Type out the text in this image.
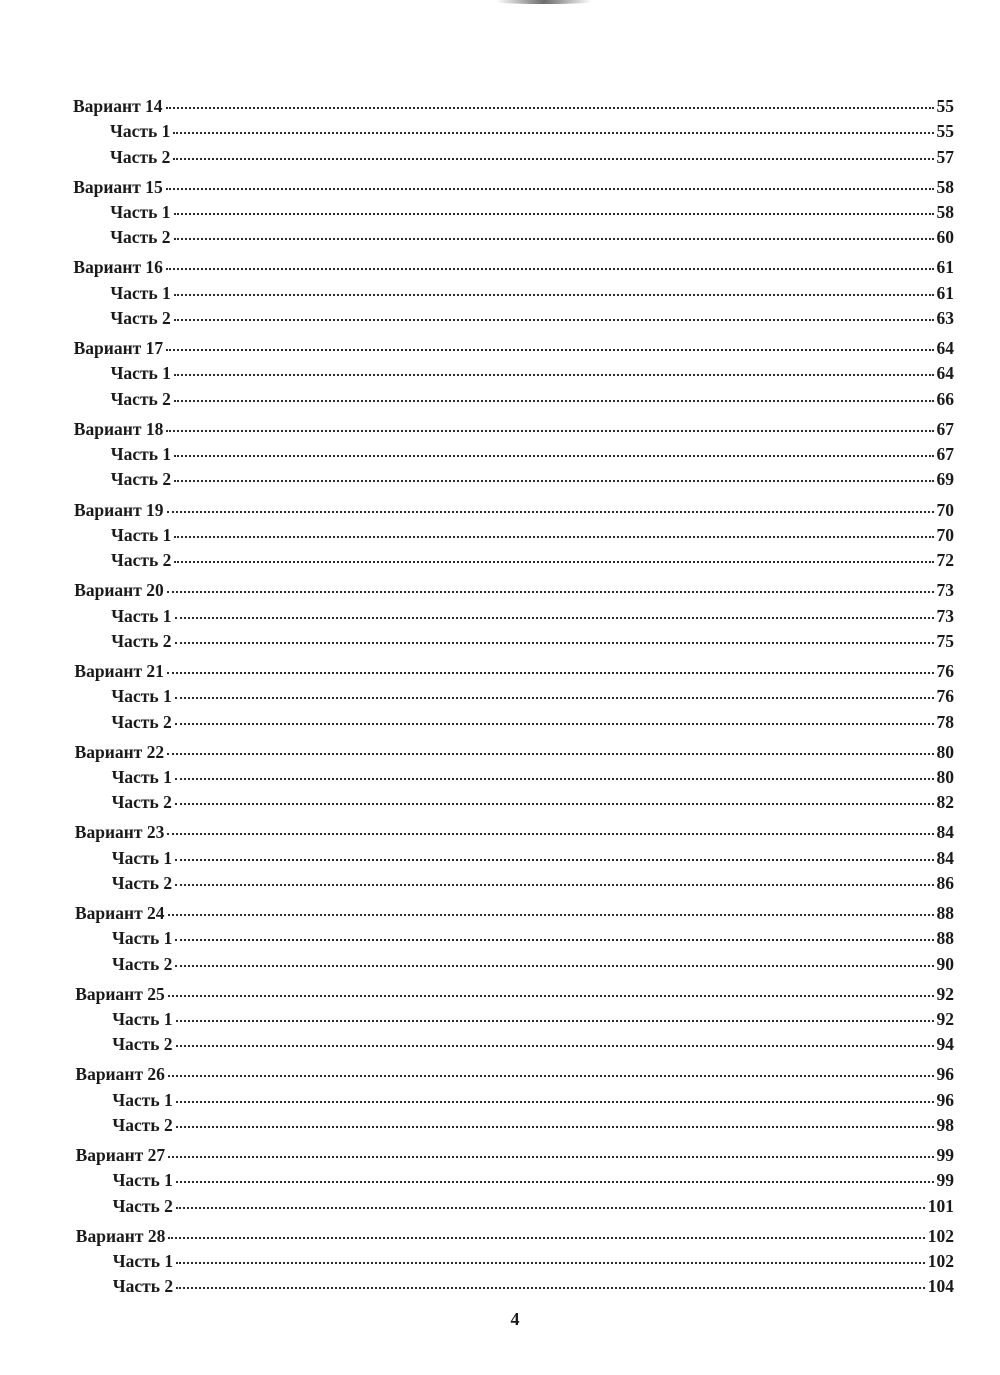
Вариант 14	55
Часть 1	55
Часть 2	57
Вариант 15	58
Часть 1	58
Часть 2	60
Вариант 16	61
Часть 1	61
Часть 2	63
Вариант 17	64
Часть 1	64
Часть 2	66
Вариант 18	67
Часть 1	67
Часть 2	69
Вариант 19	70
Часть 1	70
Часть 2	72
Вариант 20	73
Часть 1	73
Часть 2	75
Вариант 21	76
Часть 1	76
Часть 2	78
Вариант 22	80
Часть 1	80
Часть 2	82
Вариант 23	84
Часть 1	84
Часть 2	86
Вариант 24	88
Часть 1	88
Часть 2	90
Вариант 25	92
Часть 1	92
Часть 2	94
Вариант 26	96
Часть 1	96
Часть 2	98
Вариант 27	99
Часть 1	99
Часть 2	101
Вариант 28	102
Часть 1	102
Часть 2	104
4
